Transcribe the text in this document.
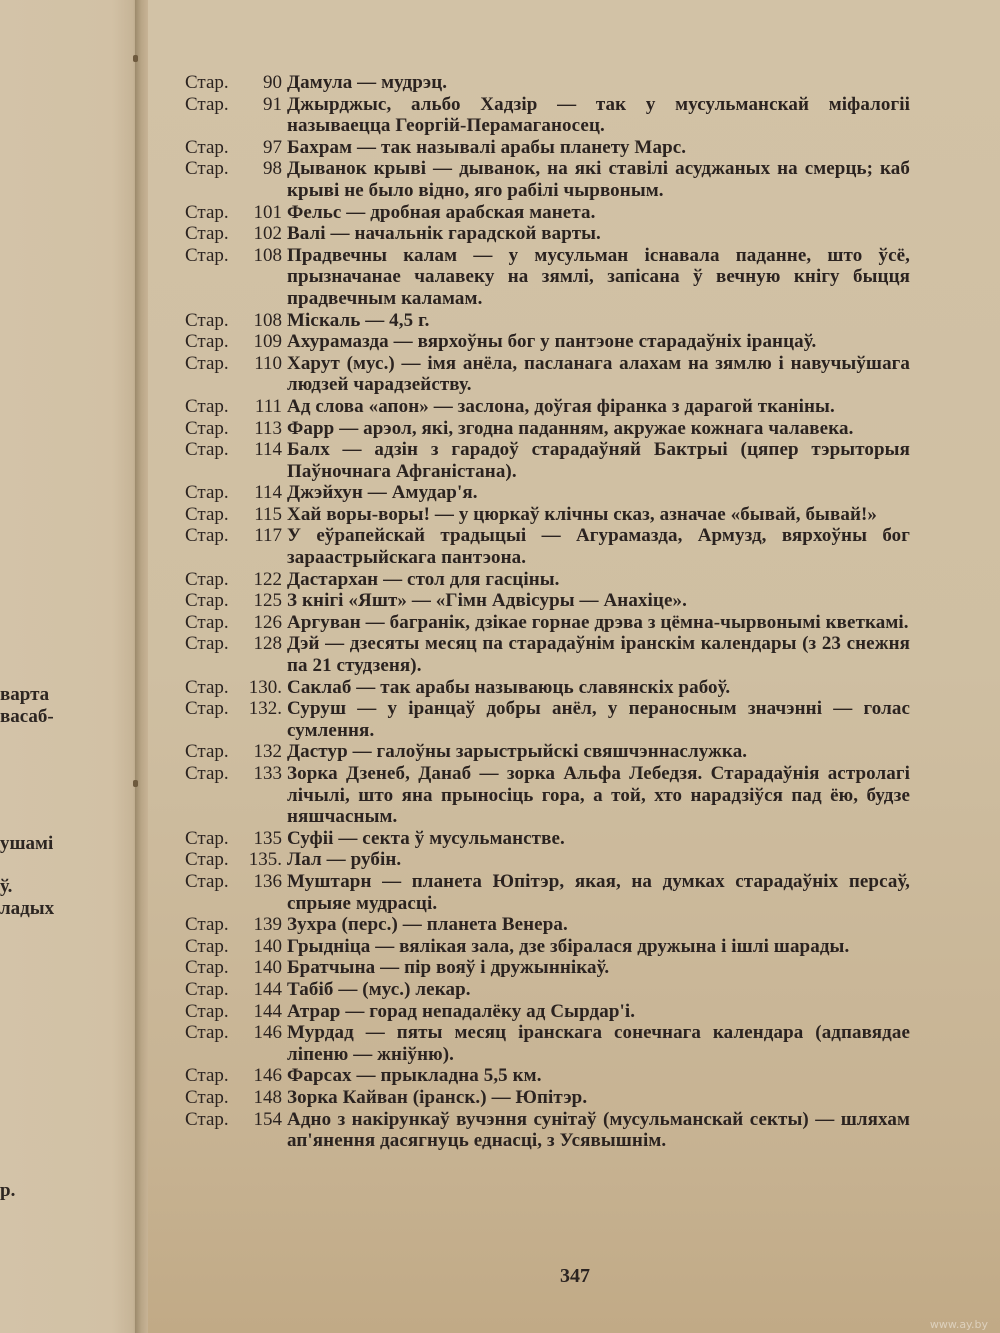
варта
васаб-
ушамі
ў.
ладых
р.
Стар.	90 Дамула — мудрэц.
Стар.	91 Джырджыс, альбо Хадзір — так у мусульманскай міфалогіі называецца Георгій-Перамаганосец.
Стар.	97 Бахрам — так называлі арабы планету Марс.
Стар.	98 Дыванок крыві — дыванок, на які ставілі асуджаных на смерць; каб крыві не было відно, яго рабілі чырвоным.
Стар.	101 Фельс — дробная арабская манета.
Стар.	102 Валі — начальнік гарадской варты.
Стар.	108 Прадвечны калам — у мусульман існавала паданне, што ўсё, прызначанае чалавеку на зямлі, запісана ў вечную кнігу быцця прадвечным каламам.
Стар.	108 Міскаль — 4,5 г.
Стар.	109 Ахурамазда — вярхоўны бог у пантэоне старадаўніх іранцаў.
Стар.	110 Харут (мус.) — імя анёла, пасланага алахам на зямлю і навучыўшага людзей чарадзейству.
Стар.	111 Ад слова «апон» — заслона, доўгая фіранка з дарагой тканіны.
Стар.	113 Фарр — арэол, які, згодна паданням, акружае кожнага чалавека.
Стар.	114 Балх — адзін з гарадоў старадаўняй Бактрыі (цяпер тэрыторыя Паўночнага Афганістана).
Стар.	114 Джэйхун — Амудар'я.
Стар.	115 Хай воры-воры! — у цюркаў клічны сказ, азначае «бывай, бывай!»
Стар.	117 У еўрапейскай традыцыі — Агурамазда, Армузд, вярхоўны бог зараастрыйскага пантэона.
Стар.	122 Дастархан — стол для гасціны.
Стар.	125 З кнігі «Яшт» — «Гімн Адвісуры — Анахіце».
Стар.	126 Аргуван — багранік, дзікае горнае дрэва з цёмна-чырвонымі кветкамі.
Стар.	128 Дэй — дзесяты месяц па старадаўнім іранскім календары (з 23 снежня па 21 студзеня).
Стар.	130. Саклаб — так арабы называюць славянскіх рабоў.
Стар.	132. Суруш — у іранцаў добры анёл, у пераносным значэнні — голас сумлення.
Стар.	132 Дастур — галоўны зарыстрыйскі свяшчэннаслужка.
Стар.	133 Зорка Дзенеб, Данаб — зорка Альфа Лебедзя. Старадаўнія астролагі лічылі, што яна прыносіць гора, а той, хто нарадзіўся пад ёю, будзе няшчасным.
Стар.	135 Суфіі — секта ў мусульманстве.
Стар.	135. Лал — рубін.
Стар.	136 Муштарн — планета Юпітэр, якая, на думках старадаўніх персаў, спрыяе мудрасці.
Стар.	139 Зухра (перс.) — планета Венера.
Стар.	140 Грыдніца — вялікая зала, дзе збіралася дружына і ішлі шарады.
Стар.	140 Братчына — пір вояў і дружыннікаў.
Стар.	144 Табіб — (мус.) лекар.
Стар.	144 Атрар — горад непадалёку ад Сырдар'і.
Стар.	146 Мурдад — пяты месяц іранскага сонечнага календара (адпавядае ліпеню — жніўню).
Стар.	146 Фарсах — прыкладна 5,5 км.
Стар.	148 Зорка Кайван (іранск.) — Юпітэр.
Стар.	154 Адно з накірункаў вучэння сунітаў (мусульманскай секты) — шляхам ап'янення дасягнуць еднасці, з Усявышнім.
347
www.ay.by
